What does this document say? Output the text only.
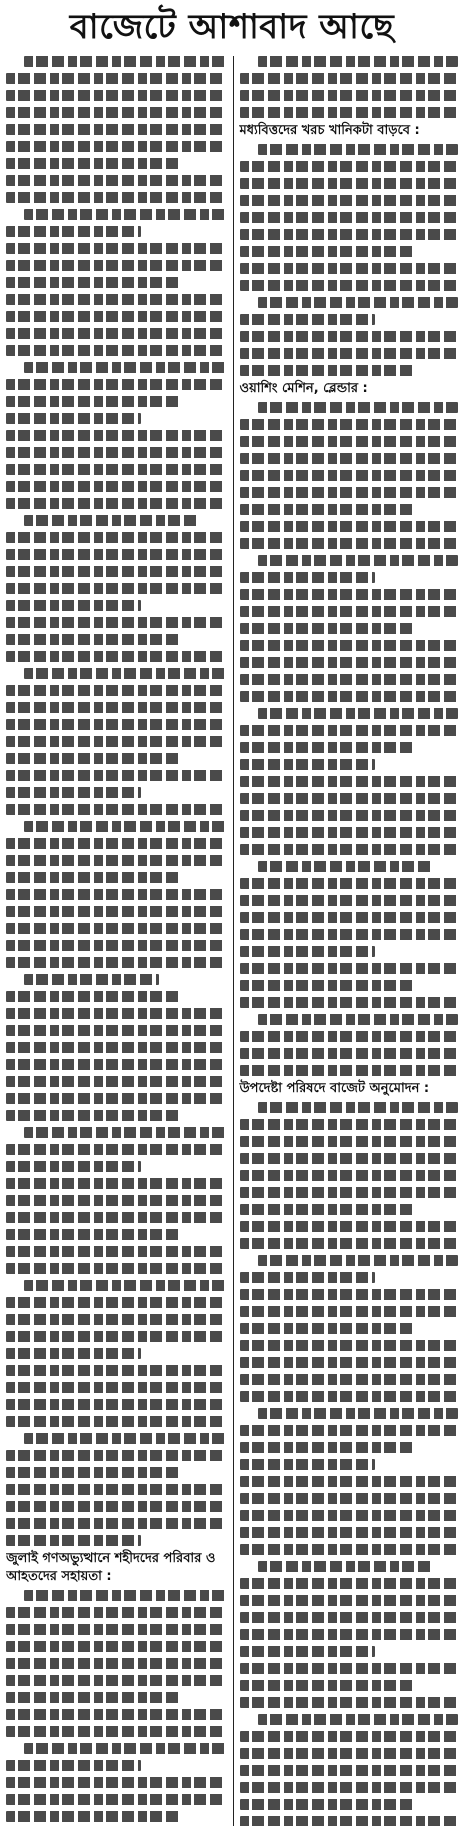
বাজেটে আশাবাদ আছে
জুলাই গণঅভ্যুত্থানে শহীদদের পরিবার ও আহতদের সহায়তা :
মধ্যবিত্তদের খরচ খানিকটা বাড়বে :
ওয়াশিং মেশিন, ব্লেন্ডার :
উপদেষ্টা পরিষদে বাজেট অনুমোদন :
